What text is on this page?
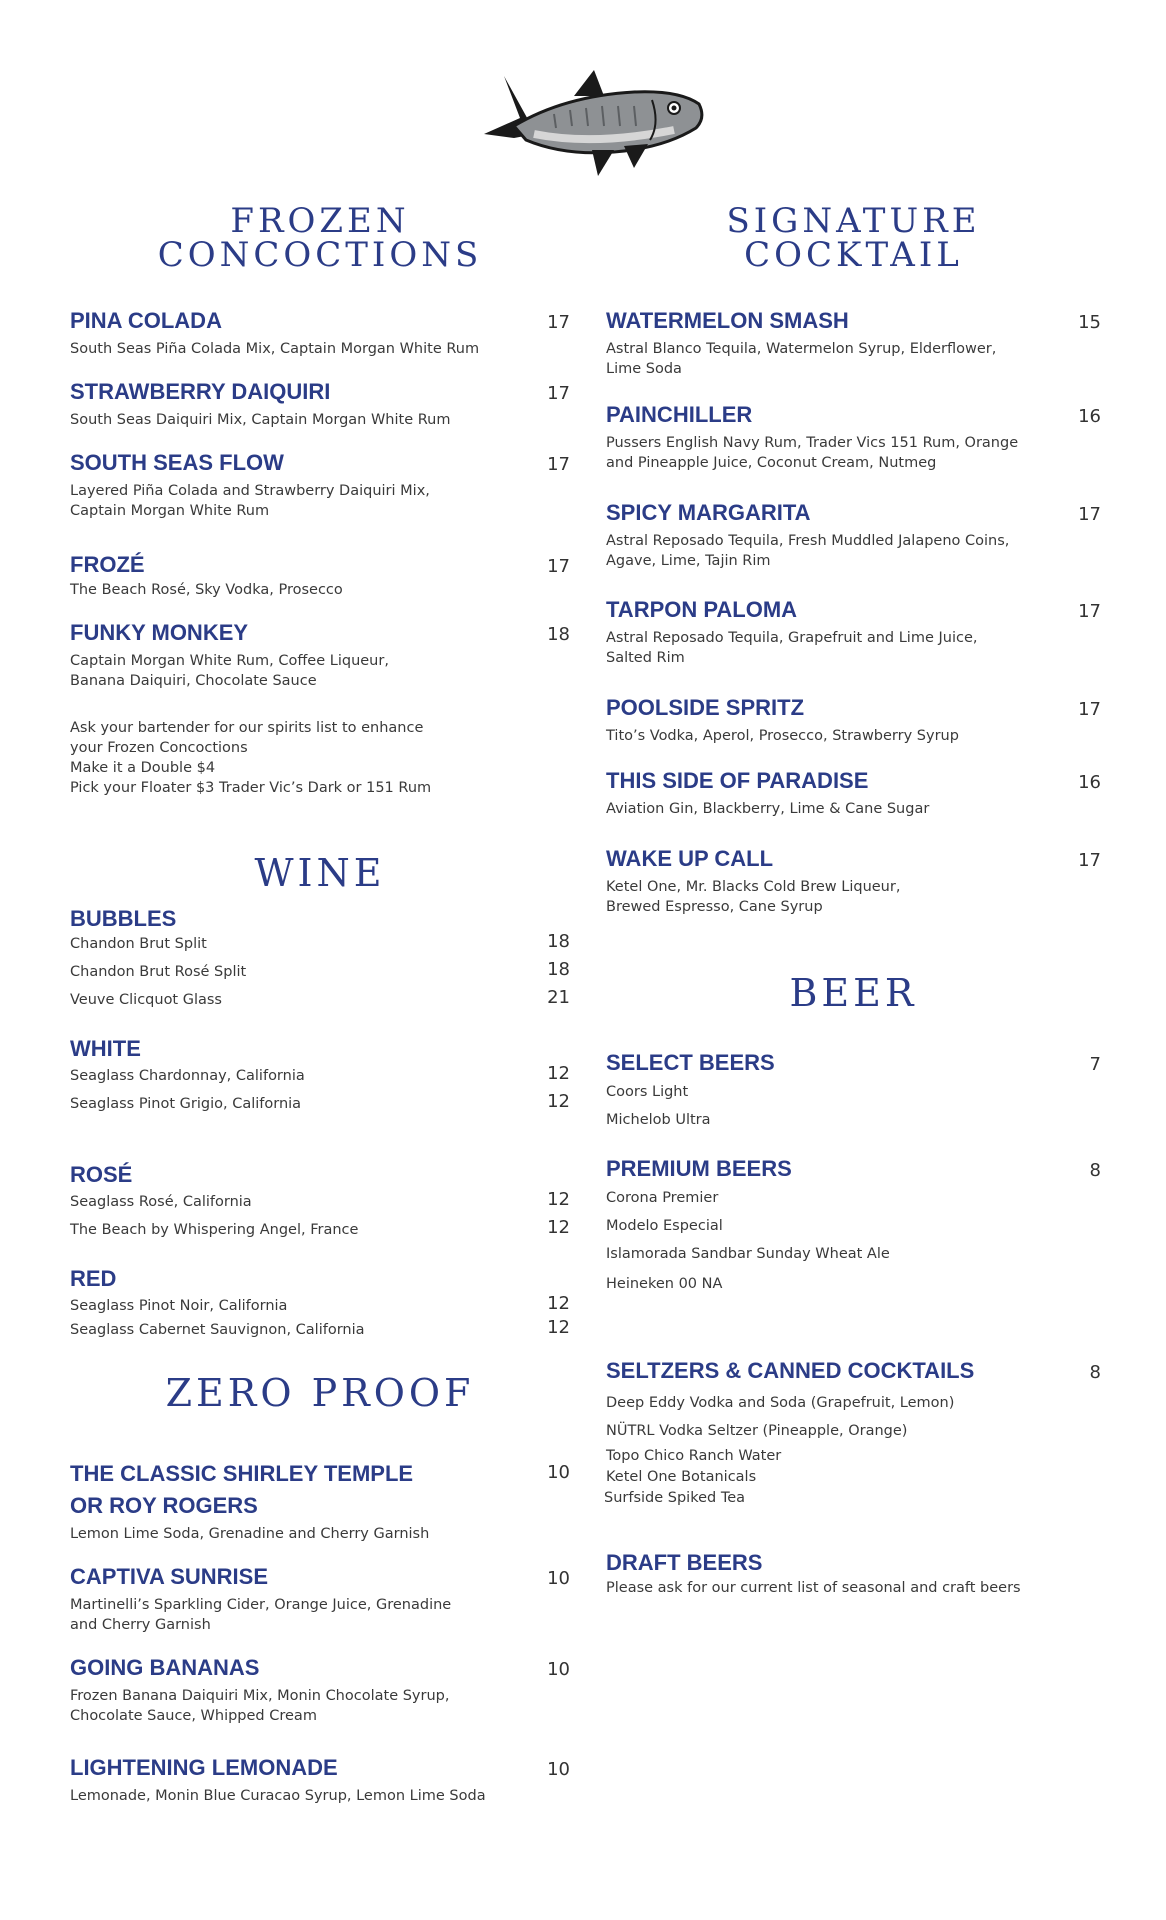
FROZEN
CONCOCTIONS
PINA COLADA
South Seas Piña Colada Mix, Captain Morgan White Rum
17
STRAWBERRY DAIQUIRI
South Seas Daiquiri Mix, Captain Morgan White Rum
17
SOUTH SEAS FLOW
Layered Piña Colada and Strawberry Daiquiri Mix,
Captain Morgan White Rum
17
FROZÉ
The Beach Rosé, Sky Vodka, Prosecco
17
FUNKY MONKEY
Captain Morgan White Rum, Coffee Liqueur,
Banana Daiquiri, Chocolate Sauce
18
Ask your bartender for our spirits list to enhance
your Frozen Concoctions
Make it a Double $4
Pick your Floater $3 Trader Vic’s Dark or 151 Rum
WINE
BUBBLES
Chandon Brut Split	18
Chandon Brut Rosé Split	18
Veuve Clicquot Glass	21
WHITE
Seaglass Chardonnay, California	12
Seaglass Pinot Grigio, California	12
ROSÉ
Seaglass Rosé, California	12
The Beach by Whispering Angel, France	12
RED
Seaglass Pinot Noir, California	12
Seaglass Cabernet Sauvignon, California	12
ZERO PROOF
THE CLASSIC SHIRLEY TEMPLE
OR ROY ROGERS
Lemon Lime Soda, Grenadine and Cherry Garnish
10
CAPTIVA SUNRISE
Martinelli’s Sparkling Cider, Orange Juice, Grenadine
and Cherry Garnish
10
GOING BANANAS
Frozen Banana Daiquiri Mix, Monin Chocolate Syrup,
Chocolate Sauce, Whipped Cream
10
LIGHTENING LEMONADE
Lemonade, Monin Blue Curacao Syrup, Lemon Lime Soda
10
SIGNATURE
COCKTAIL
WATERMELON SMASH
Astral Blanco Tequila, Watermelon Syrup, Elderflower,
Lime Soda
15
PAINCHILLER
Pussers English Navy Rum, Trader Vics 151 Rum, Orange
and Pineapple Juice, Coconut Cream, Nutmeg
16
SPICY MARGARITA
Astral Reposado Tequila, Fresh Muddled Jalapeno Coins,
Agave, Lime, Tajin Rim
17
TARPON PALOMA
Astral Reposado Tequila, Grapefruit and Lime Juice,
Salted Rim
17
POOLSIDE SPRITZ
Tito’s Vodka, Aperol, Prosecco, Strawberry Syrup
17
THIS SIDE OF PARADISE
Aviation Gin, Blackberry, Lime & Cane Sugar
16
WAKE UP CALL
Ketel One, Mr. Blacks Cold Brew Liqueur,
Brewed Espresso, Cane Syrup
17
BEER
SELECT BEERS	7
Coors Light
Michelob Ultra
PREMIUM BEERS	8
Corona Premier
Modelo Especial
Islamorada Sandbar Sunday Wheat Ale
Heineken 00 NA
SELTZERS & CANNED COCKTAILS	8
Deep Eddy Vodka and Soda (Grapefruit, Lemon)
NÜTRL Vodka Seltzer (Pineapple, Orange)
Topo Chico Ranch Water
Ketel One Botanicals
Surfside Spiked Tea
DRAFT BEERS
Please ask for our current list of seasonal and craft beers
